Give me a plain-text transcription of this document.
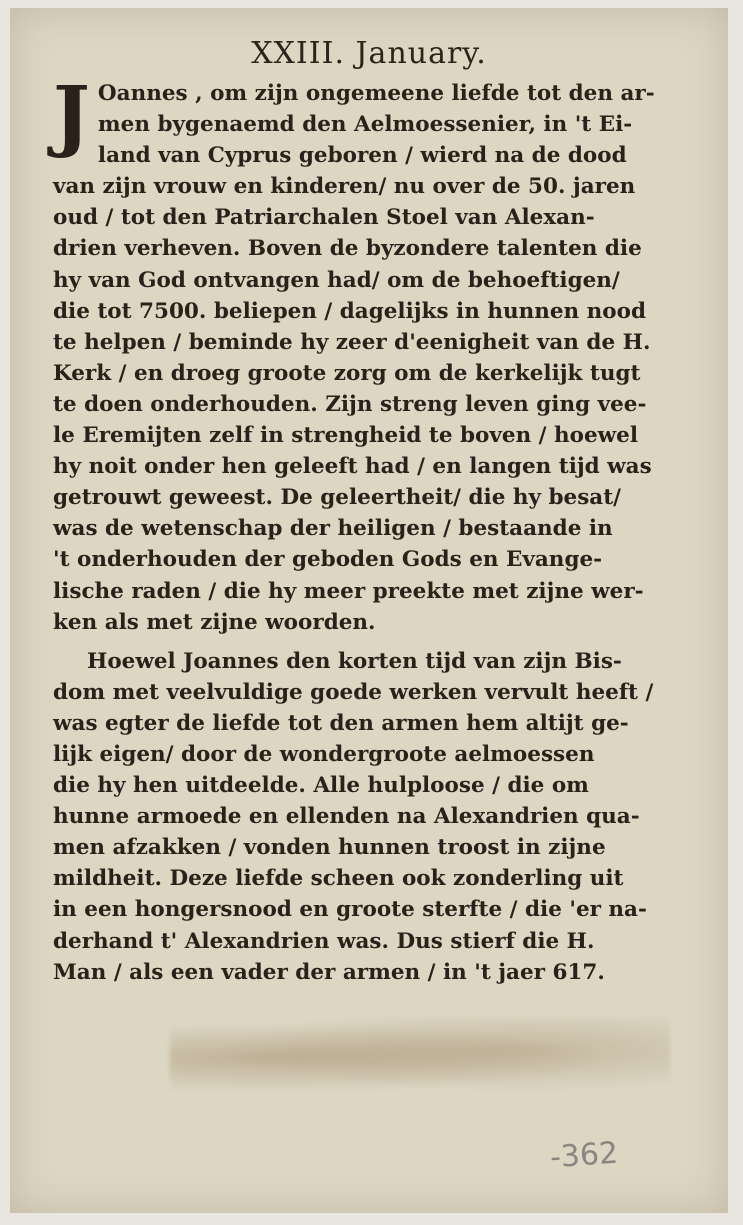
XXIII. January.
J Oannes , om zijn ongemeene liefde tot den ar-
men bygenaemd den Aelmoessenier, in 't Ei-
land van Cyprus geboren / wierd na de dood
van zijn vrouw en kinderen/ nu over de 50. jaren
oud / tot den Patriarchalen Stoel van Alexan-
drien verheven. Boven de byzondere talenten die
hy van God ontvangen had/ om de behoeftigen/
die tot 7500. beliepen / dagelijks in hunnen nood
te helpen / beminde hy zeer d'eenigheit van de H.
Kerk / en droeg groote zorg om de kerkelijk tugt
te doen onderhouden. Zijn streng leven ging vee-
le Eremijten zelf in strengheid te boven / hoewel
hy noit onder hen geleeft had / en langen tijd was
getrouwt geweest. De geleertheit/ die hy besat/
was de wetenschap der heiligen / bestaande in
't onderhouden der geboden Gods en Evange-
lische raden / die hy meer preekte met zijne wer-
ken als met zijne woorden.
Hoewel Joannes den korten tijd van zijn Bis-
dom met veelvuldige goede werken vervult heeft /
was egter de liefde tot den armen hem altijt ge-
lijk eigen/ door de wondergroote aelmoessen
die hy hen uitdeelde. Alle hulploose / die om
hunne armoede en ellenden na Alexandrien qua-
men afzakken / vonden hunnen troost in zijne
mildheit. Deze liefde scheen ook zonderling uit
in een hongersnood en groote sterfte / die 'er na-
derhand t' Alexandrien was. Dus stierf die H.
Man / als een vader der armen / in 't jaer 617.
-362
